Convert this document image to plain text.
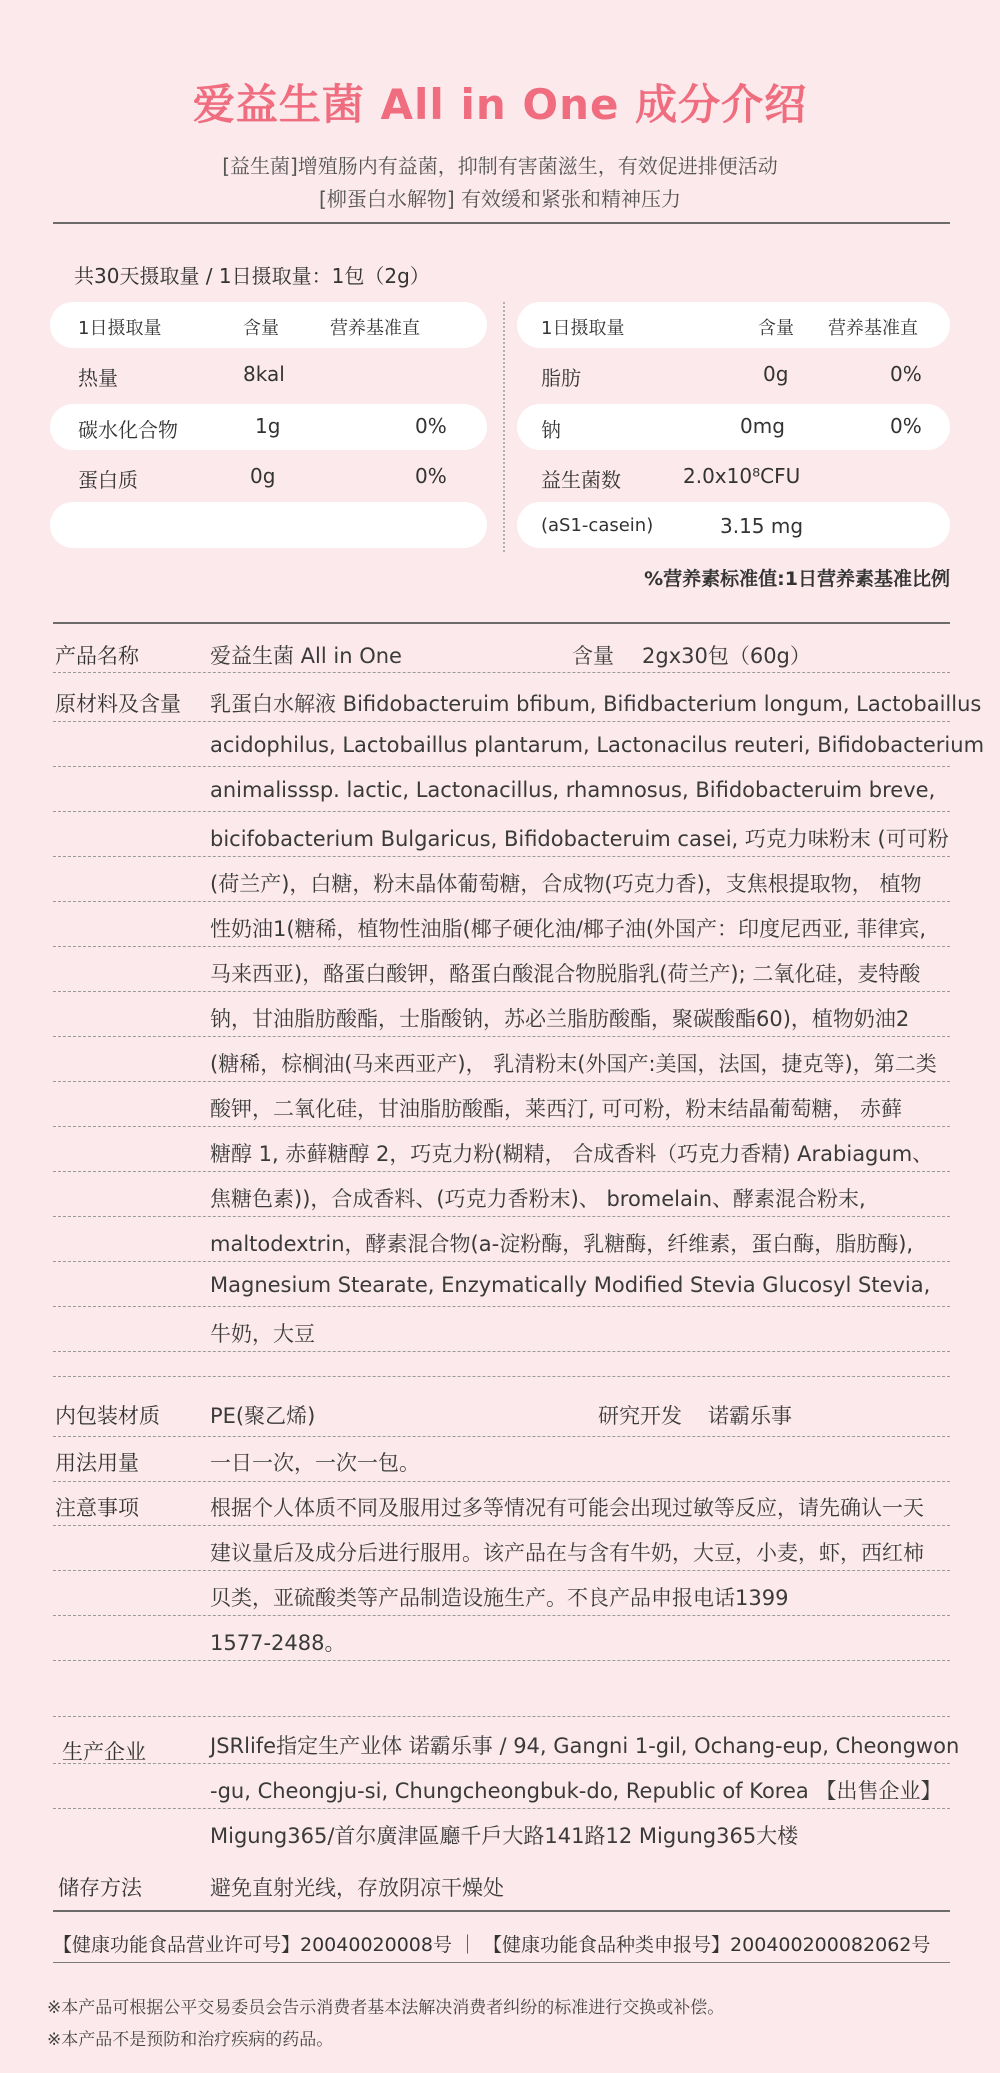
爱益生菌 All in One 成分介绍
[益生菌]增殖肠内有益菌，抑制有害菌滋生，有效促进排便活动
[柳蛋白水解物] 有效缓和紧张和精神压力
共30天摄取量 / 1日摄取量：1包（2g）
1日摄取量	含量	营养基准直
热量	8kal
碳水化合物	1g	0%
蛋白质	0g	0%
1日摄取量	含量 营养基准直
脂肪	0g	0%
钠	0mg	0%
益生菌数	2.0x10⁸CFU
(aS1-casein)	3.15 mg
%营养素标准值:1日营养素基准比例
产品名称	爱益生菌 All in One	含量 2gx30包（60g）
原材料及含量 乳蛋白水解液 Bifidobacteruim bfibum, Bifidbacterium longum, Lactobaillus
acidophilus, Lactobaillus plantarum, Lactonacilus reuteri, Bifidobacterium
animalisssp. lactic, Lactonacillus, rhamnosus, Bifidobacteruim breve,
bicifobacterium Bulgaricus, Bifidobacteruim casei, 巧克力味粉末 (可可粉
(荷兰产)，白糖，粉末晶体葡萄糖，合成物(巧克力香)，支焦根提取物， 植物
性奶油1(糖稀，植物性油脂(椰子硬化油/椰子油(外国产：印度尼西亚, 菲律宾,
马来西亚)，酪蛋白酸钾，酪蛋白酸混合物脱脂乳(荷兰产); 二氧化硅，麦特酸
钠，甘油脂肪酸酯，士脂酸钠，苏必兰脂肪酸酯，聚碳酸酯60)，植物奶油2
(糖稀，棕榈油(马来西亚产)， 乳清粉末(外国产:美国，法国，捷克等)，第二类
酸钾，二氧化硅，甘油脂肪酸酯，莱西汀, 可可粉，粉末结晶葡萄糖， 赤藓
糖醇 1, 赤藓糖醇 2，巧克力粉(糊精， 合成香料（巧克力香精) Arabiagum、
焦糖色素))，合成香料、(巧克力香粉末)、 bromelain、酵素混合粉末,
maltodextrin，酵素混合物(a-淀粉酶，乳糖酶，纤维素，蛋白酶，脂肪酶),
Magnesium Stearate, Enzymatically Modified Stevia Glucosyl Stevia,
牛奶，大豆
内包装材质 PE(聚乙烯)	研究开发 诺霸乐事
用法用量	一日一次，一次一包。
注意事项	根据个人体质不同及服用过多等情况有可能会出现过敏等反应，请先确认一天
建议量后及成分后进行服用。该产品在与含有牛奶，大豆，小麦，虾，西红柿
贝类，亚硫酸类等产品制造设施生产。不良产品申报电话1399
1577-2488。
生产企业	JSRlife指定生产业体 诺霸乐事 / 94, Gangni 1-gil, Ochang-eup, Cheongwon
-gu, Cheongju-si, Chungcheongbuk-do, Republic of Korea 【出售企业】
Migung365/首尔廣津區廳千戶大路141路12 Migung365大楼
储存方法	避免直射光线，存放阴凉干燥处
【健康功能食品营业许可号】20040020008号 ｜ 【健康功能食品种类申报号】200400200082062号
※本产品可根据公平交易委员会告示消费者基本法解决消费者纠纷的标准进行交换或补偿。
※本产品不是预防和治疗疾病的药品。
